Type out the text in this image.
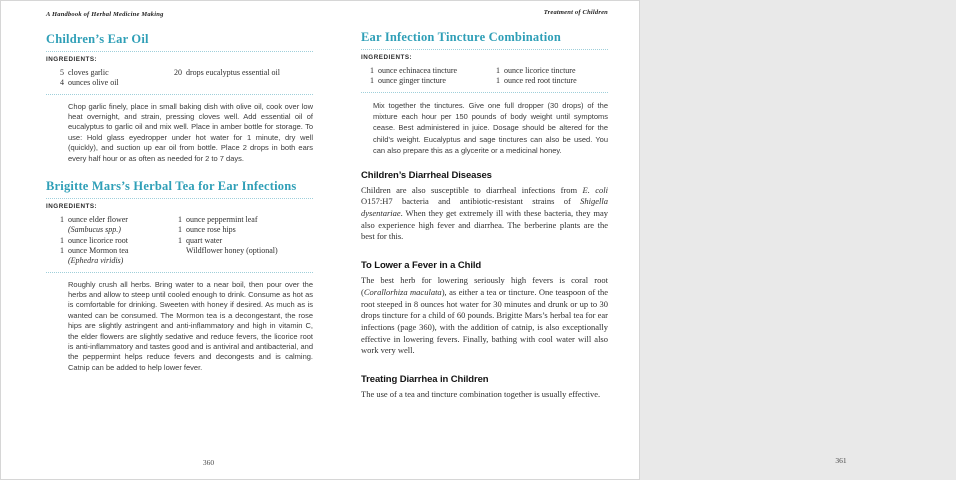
A Handbook of Herbal Medicine Making
Children’s Ear Oil
INGREDIENTS:
5 cloves garlic
4 ounces olive oil
20 drops eucalyptus essential oil

Chop garlic finely, place in small baking dish with olive oil, cook over low heat overnight, and strain, pressing cloves well. Add essential oil of eucalyptus to garlic oil and mix well. Place in amber bottle for storage. To use: Hold glass eyedropper under hot water for 1 minute, dry well (quickly), and suction up ear oil from bottle. Place 2 drops in both ears every half hour or as often as needed for 2 to 7 days.

Brigitte Mars’s Herbal Tea for Ear Infections
INGREDIENTS:
1 ounce elder flower
(Sambucus spp.)
1 ounce licorice root
1 ounce Mormon tea
(Ephedra viridis)
1 ounce peppermint leaf
1 ounce rose hips
1 quart water
Wildflower honey (optional)

Roughly crush all herbs. Bring water to a near boil, then pour over the herbs and allow to steep until cooled enough to drink. Consume as hot as is comfortable for drinking. Sweeten with honey if desired. As much as is wanted can be consumed. The Mormon tea is a decongestant, the rose hips are slightly astringent and anti-inflammatory and high in vitamin C, the elder flowers are slightly sedative and reduce fevers, the licorice root is anti-inflammatory and tastes good and is antiviral and antibacterial, and the peppermint helps reduce fevers and decongests and is calming. Catnip can be added to help lower fever.

360
Treatment of Children
Ear Infection Tincture Combination
INGREDIENTS:
1 ounce echinacea tincture
1 ounce ginger tincture
1 ounce licorice tincture
1 ounce red root tincture

Mix together the tinctures. Give one full dropper (30 drops) of the mixture each hour per 150 pounds of body weight until symptoms cease. Best administered in juice. Dosage should be altered for the child’s weight. Eucalyptus and sage tinctures can also be used. You can also prepare this as a glycerite or a medicinal honey.

Children’s Diarrheal Diseases

Children are also susceptible to diarrheal infections from E. coli O157:H7 bacteria and antibiotic-resistant strains of Shigella dysentariae. When they get extremely ill with these bacteria, they may also experience high fever and diarrhea. The berberine plants are the best for this.

To Lower a Fever in a Child

The best herb for lowering seriously high fevers is coral root (Corallorhiza maculata), as either a tea or tincture. One teaspoon of the root steeped in 8 ounces hot water for 30 minutes and drunk or up to 30 drops tincture for a child of 60 pounds. Brigitte Mars’s herbal tea for ear infections (page 360), with the addition of catnip, is also exceptionally effective in lowering fevers. Finally, bathing with cool water will also work very well.

Treating Diarrhea in Children

The use of a tea and tincture combination together is usually effective.

361
